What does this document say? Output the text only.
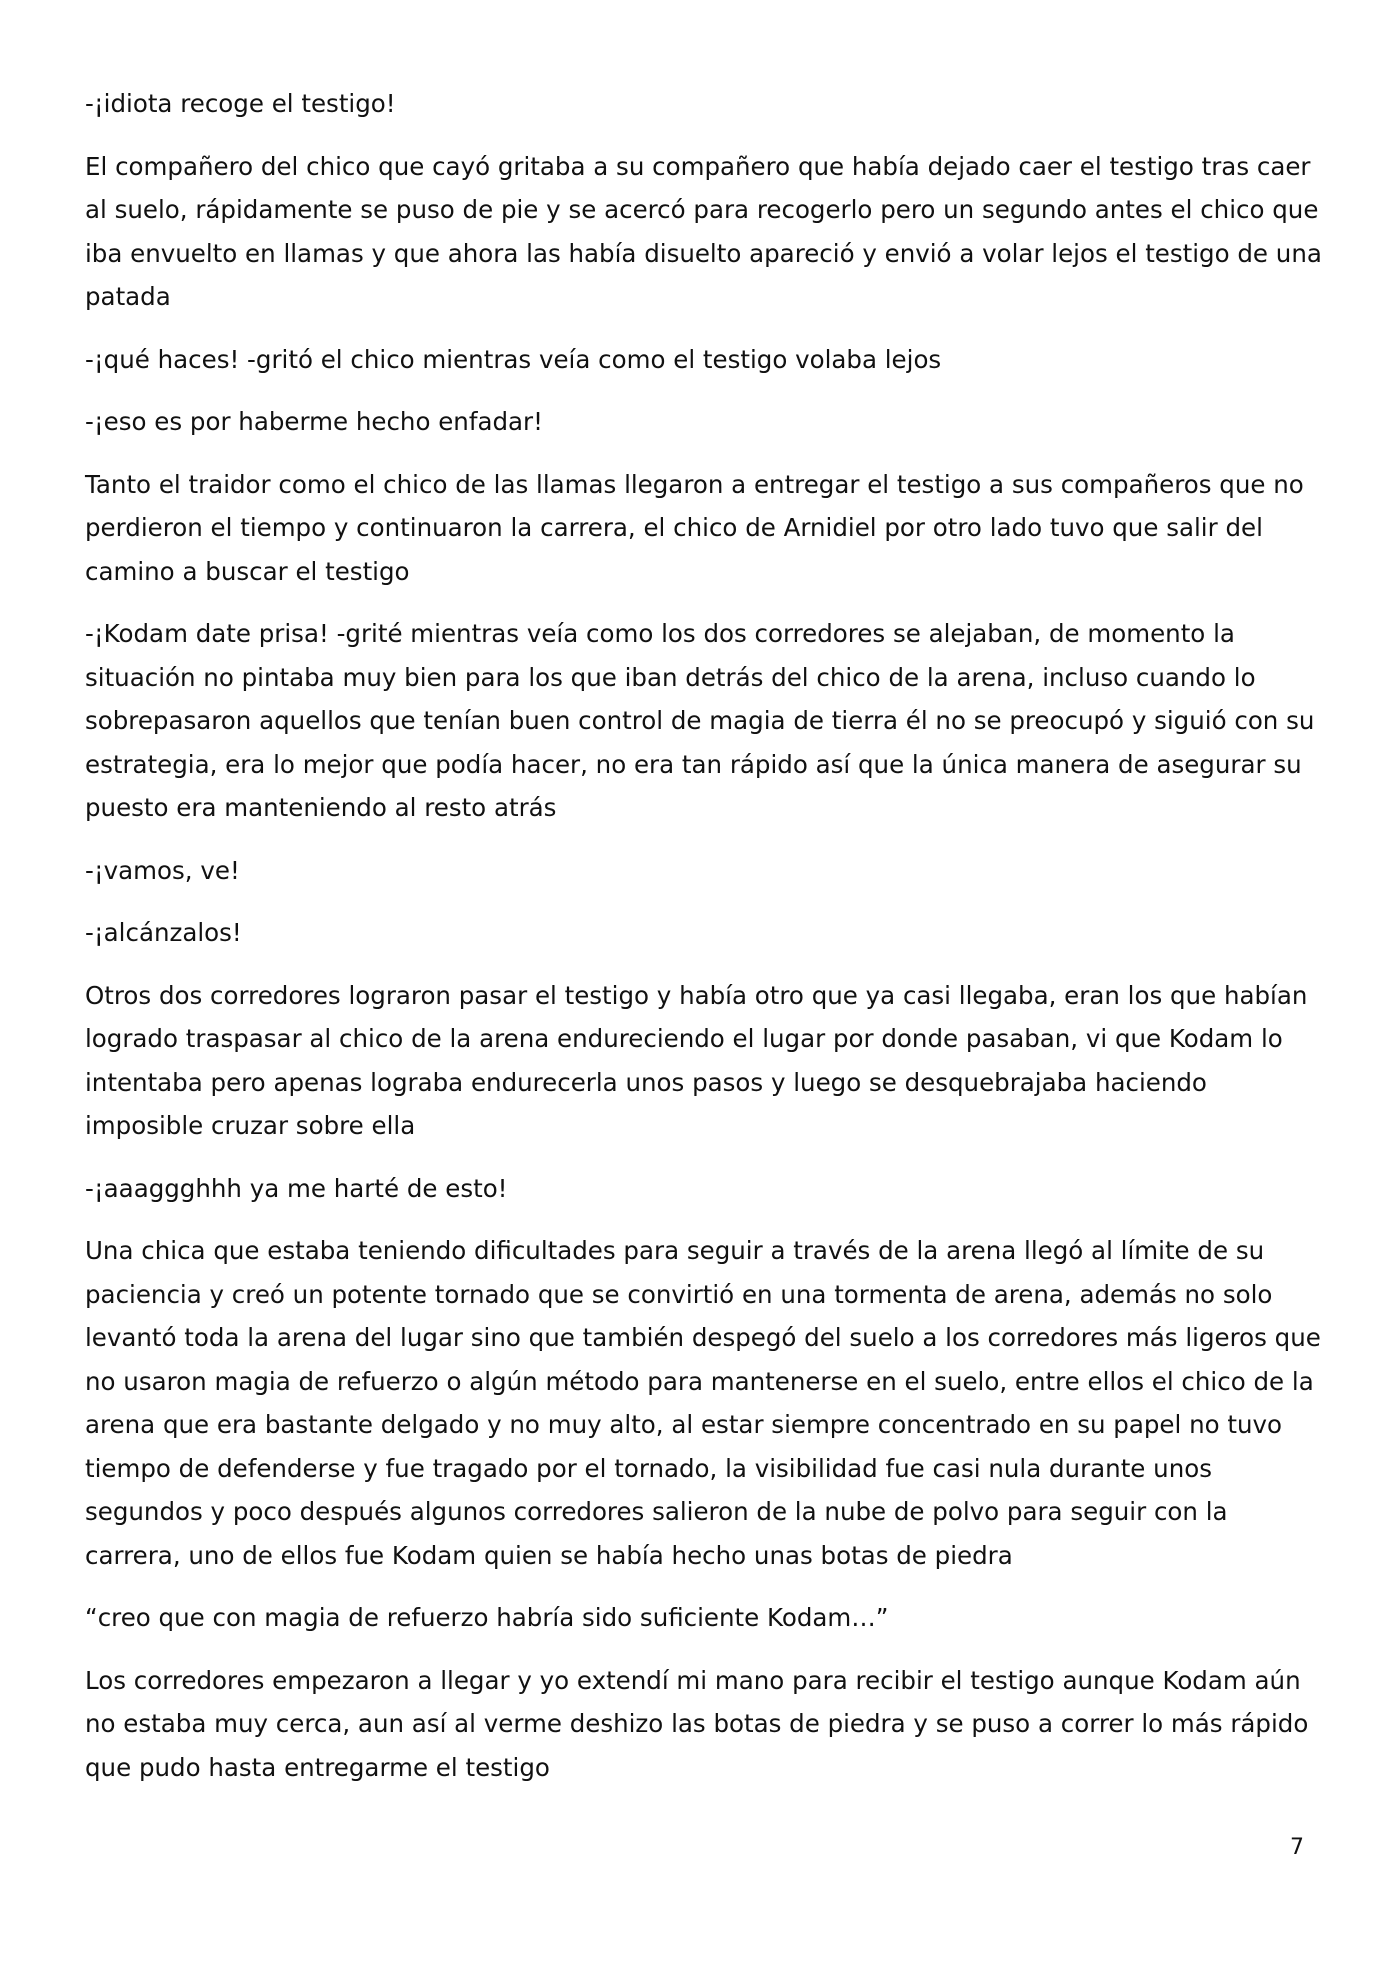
-¡idiota recoge el testigo!

El compañero del chico que cayó gritaba a su compañero que había dejado caer el testigo tras caer al suelo, rápidamente se puso de pie y se acercó para recogerlo pero un segundo antes el chico que iba envuelto en llamas y que ahora las había disuelto apareció y envió a volar lejos el testigo de una patada

-¡qué haces! -gritó el chico mientras veía como el testigo volaba lejos

-¡eso es por haberme hecho enfadar!

Tanto el traidor como el chico de las llamas llegaron a entregar el testigo a sus compañeros que no perdieron el tiempo y continuaron la carrera, el chico de Arnidiel por otro lado tuvo que salir del camino a buscar el testigo

-¡Kodam date prisa! -grité mientras veía como los dos corredores se alejaban, de momento la situación no pintaba muy bien para los que iban detrás del chico de la arena, incluso cuando lo sobrepasaron aquellos que tenían buen control de magia de tierra él no se preocupó y siguió con su estrategia, era lo mejor que podía hacer, no era tan rápido así que la única manera de asegurar su puesto era manteniendo al resto atrás

-¡vamos, ve!

-¡alcánzalos!

Otros dos corredores lograron pasar el testigo y había otro que ya casi llegaba, eran los que habían logrado traspasar al chico de la arena endureciendo el lugar por donde pasaban, vi que Kodam lo intentaba pero apenas lograba endurecerla unos pasos y luego se desquebrajaba haciendo imposible cruzar sobre ella

-¡aaaggghhh ya me harté de esto!

Una chica que estaba teniendo dificultades para seguir a través de la arena llegó al límite de su paciencia y creó un potente tornado que se convirtió en una tormenta de arena, además no solo levantó toda la arena del lugar sino que también despegó del suelo a los corredores más ligeros que no usaron magia de refuerzo o algún método para mantenerse en el suelo, entre ellos el chico de la arena que era bastante delgado y no muy alto, al estar siempre concentrado en su papel no tuvo tiempo de defenderse y fue tragado por el tornado, la visibilidad fue casi nula durante unos segundos y poco después algunos corredores salieron de la nube de polvo para seguir con la carrera, uno de ellos fue Kodam quien se había hecho unas botas de piedra

“creo que con magia de refuerzo habría sido suficiente Kodam…”

Los corredores empezaron a llegar y yo extendí mi mano para recibir el testigo aunque Kodam aún no estaba muy cerca, aun así al verme deshizo las botas de piedra y se puso a correr lo más rápido que pudo hasta entregarme el testigo

7
